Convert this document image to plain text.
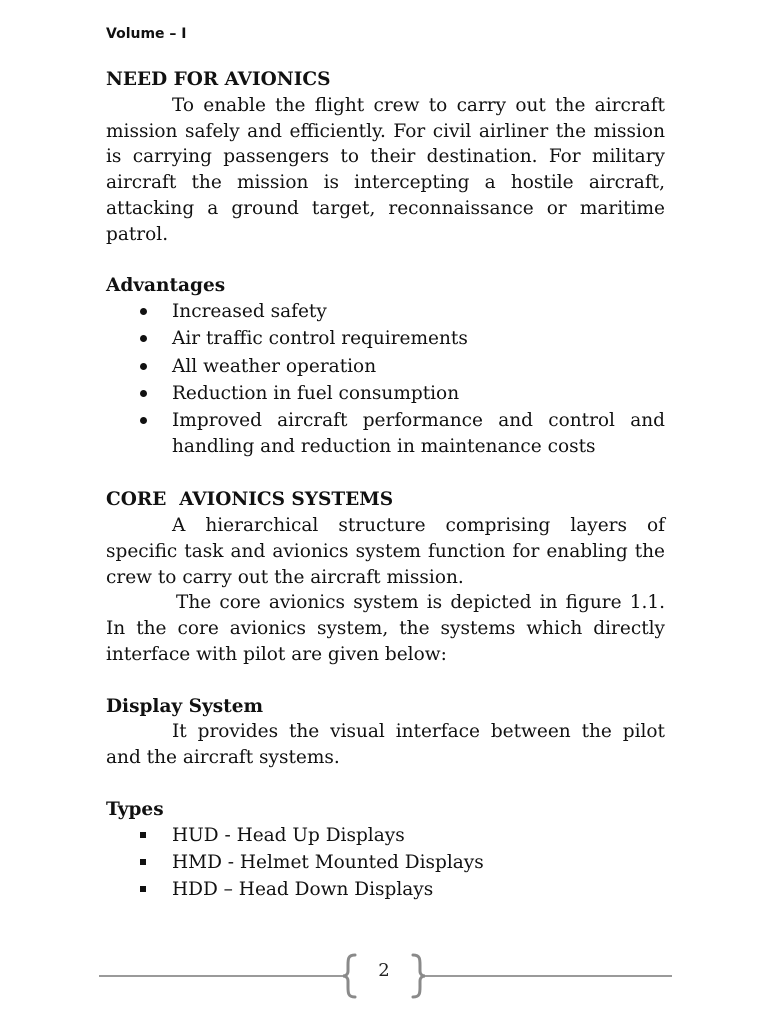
Volume – I

NEED FOR AVIONICS

To enable the flight crew to carry out the aircraft mission safely and efficiently. For civil airliner the mission is carrying passengers to their destination. For military aircraft the mission is intercepting a hostile aircraft, attacking a ground target, reconnaissance or maritime patrol.

Advantages

Increased safety
Air traffic control requirements
All weather operation
Reduction in fuel consumption
Improved aircraft performance and control and handling and reduction in maintenance costs

CORE  AVIONICS SYSTEMS

A hierarchical structure comprising layers of specific task and avionics system function for enabling the crew to carry out the aircraft mission.

The core avionics system is depicted in figure 1.1. In the core avionics system, the systems which directly interface with pilot are given below:

Display System

It provides the visual interface between the pilot and the aircraft systems.

Types

HUD - Head Up Displays
HMD - Helmet Mounted Displays
HDD – Head Down Displays
2
